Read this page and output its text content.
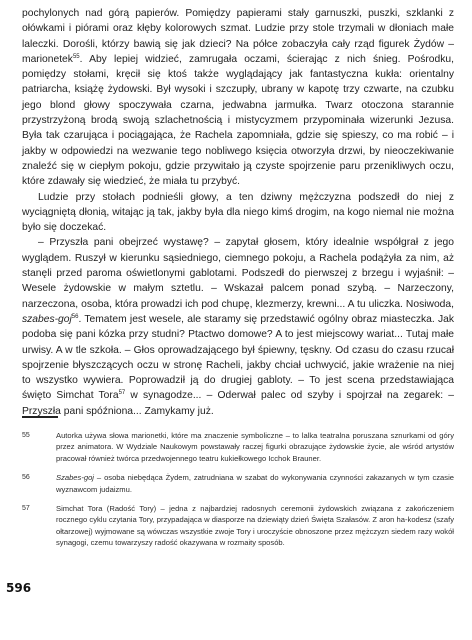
pochylonych nad górą papierów. Pomiędzy papierami stały garnuszki, puszki, szklanki z ołówkami i piórami oraz kłęby kolorowych szmat. Ludzie przy stole trzymali w dłoniach małe laleczki. Dorośli, którzy bawią się jak dzieci? Na półce zobaczyła cały rząd figurek Żydów – marionetek$^{55}$. Aby lepiej widzieć, zamrugała oczami, ścierając z nich śnieg. Pośrodku, pomiędzy stołami, kręcił się ktoś także wyglądający jak fantastyczna kukła: orientalny patriarcha, książę żydowski. Był wysoki i szczupły, ubrany w kapotę trzy czwarte, na czubku jego blond głowy spoczywała czarna, jedwabna jarmułka. Twarz otoczona starannie przystrzyżoną brodą swoją szlachetnością i mistycyzmem przypominała wizerunki Jezusa. Była tak czarująca i pociągająca, że Rachela zapomniała, gdzie się spieszy, co ma robić – i jakby w odpowiedzi na wezwanie tego nobliwego księcia otworzyła drzwi, by nieoczekiwanie znaleźć się w ciepłym pokoju, gdzie przywitało ją czyste spojrzenie paru przenikliwych oczu, które zdawały się wiedzieć, że miała tu przybyć.

Ludzie przy stołach podnieśli głowy, a ten dziwny mężczyzna podszedł do niej z wyciągniętą dłonią, witając ją tak, jakby była dla niego kimś drogim, na kogo niemal nie można było się doczekać.

– Przyszła pani obejrzeć wystawę? – zapytał głosem, który idealnie współgrał z jego wyglądem. Ruszył w kierunku sąsiedniego, ciemnego pokoju, a Rachela podążyła za nim, aż stanęli przed paroma oświetlonymi gablotami. Podszedł do pierwszej z brzegu i wyjaśnił: – Wesele żydowskie w małym sztetlu. – Wskazał palcem ponad szybą. – Narzeczony, narzeczona, osoba, która prowadzi ich pod chupę, klezmerzy, krewni... A tu uliczka. Nosiwoda, szabes-goj$^{56}$. Tematem jest wesele, ale staramy się przedstawić ogólny obraz miasteczka. Jak podoba się pani kózka przy studni? Ptactwo domowe? A to jest miejscowy wariat... Tutaj małe urwisy. A w tle szkoła. – Głos oprowadzającego był śpiewny, tęskny. Od czasu do czasu rzucał spojrzenie błyszczących oczu w stronę Racheli, jakby chciał uchwycić, jakie wrażenie na niej to wszystko wywiera. Poprowadził ją do drugiej gabloty. – To jest scena przedstawiająca święto Simchat Tora$^{57}$ w synagodze... – Oderwał palec od szyby i spojrzał na zegarek: – Przyszła pani spóźniona... Zamykamy już.

55	Autorka używa słowa marionetki, które ma znaczenie symboliczne – to lalka teatralna poruszana sznurkami od góry przez animatora. W Wydziale Naukowym powstawały raczej figurki obrazujące żydowskie życie, ale wśród artystów pracował również twórca przedwojennego teatru kukiełkowego Icchok Brauner.
56	Szabes-goj – osoba niebędąca Żydem, zatrudniana w szabat do wykonywania czynności zakazanych w tym czasie wyznawcom judaizmu.
57	Simchat Tora (Radość Tory) – jedna z najbardziej radosnych ceremonii żydowskich związana z zakończeniem rocznego cyklu czytania Tory, przypadająca w diasporze na dziewiąty dzień Święta Szałasów. Z aron ha-kodesz (szafy ołtarzowej) wyjmowane są wówczas wszystkie zwoje Tory i uroczyście obnoszone przez mężczyzn siedem razy wokół synagogi, czemu towarzyszy radość okazywana w rozmaity sposób.
596
